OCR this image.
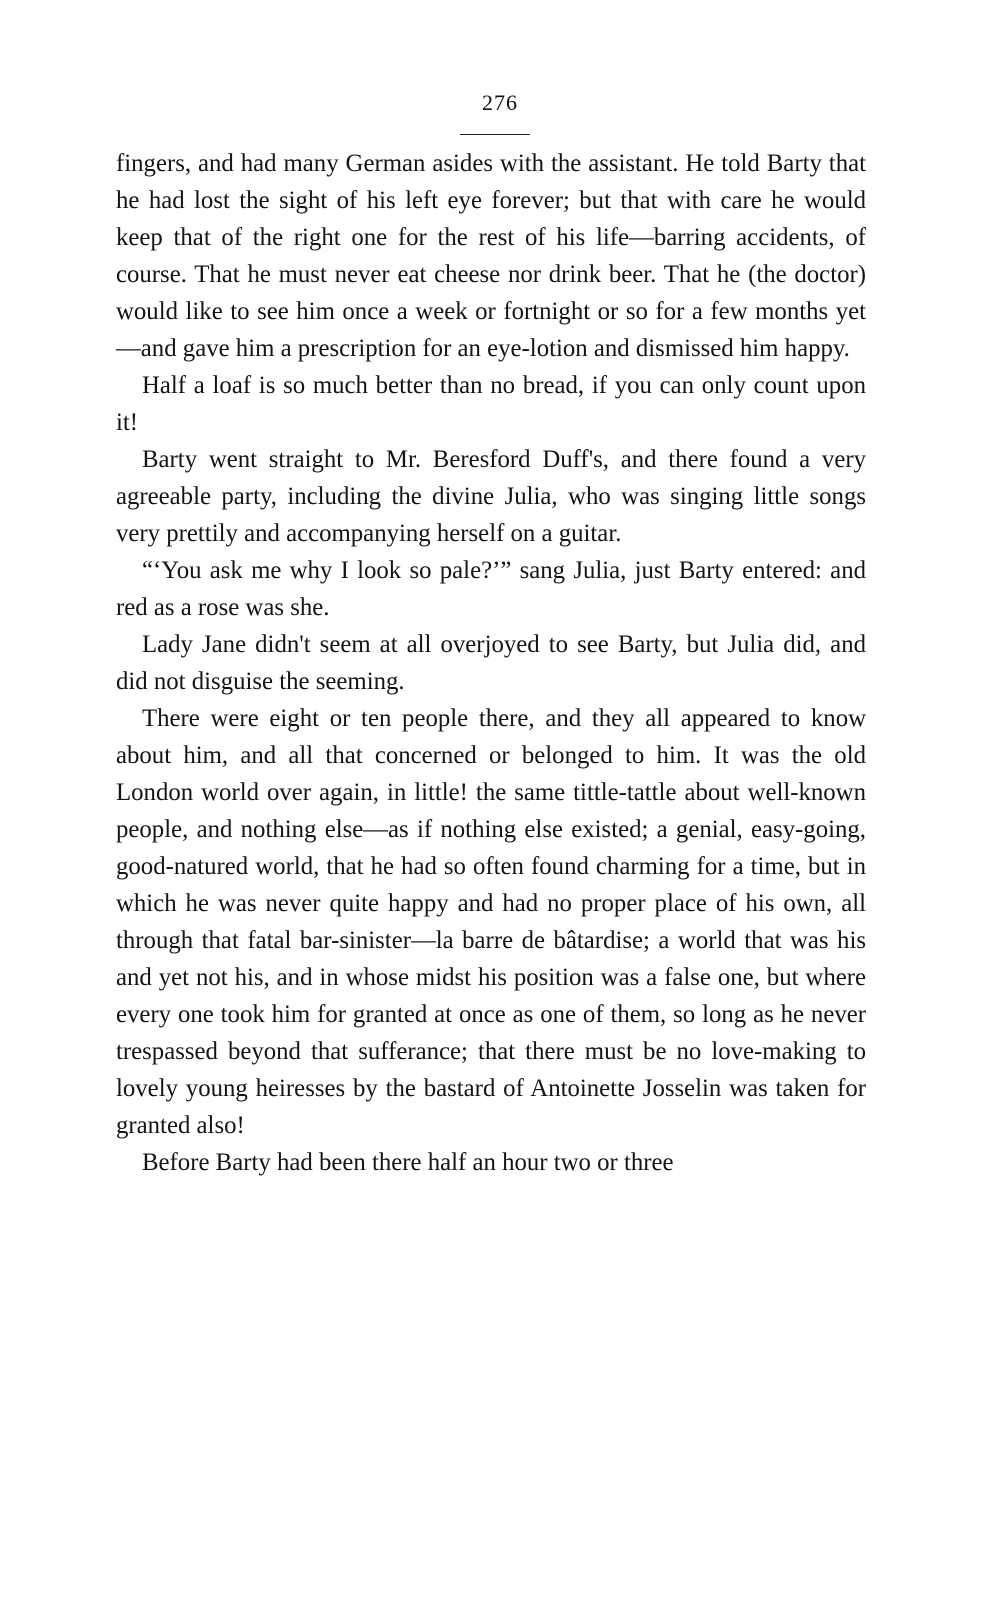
276

fingers, and had many German asides with the assistant. He told Barty that he had lost the sight of his left eye forever; but that with care he would keep that of the right one for the rest of his life—barring accidents, of course. That he must never eat cheese nor drink beer. That he (the doctor) would like to see him once a week or fortnight or so for a few months yet—and gave him a prescription for an eye-lotion and dismissed him happy.

Half a loaf is so much better than no bread, if you can only count upon it!

Barty went straight to Mr. Beresford Duff's, and there found a very agreeable party, including the divine Julia, who was singing little songs very prettily and accompanying herself on a guitar.

“‘You ask me why I look so pale?’” sang Julia, just Barty entered: and red as a rose was she.

Lady Jane didn't seem at all overjoyed to see Barty, but Julia did, and did not disguise the seeming.

There were eight or ten people there, and they all appeared to know about him, and all that concerned or belonged to him. It was the old London world over again, in little! the same tittle-tattle about well-known people, and nothing else—as if nothing else existed; a genial, easy-going, good-natured world, that he had so often found charming for a time, but in which he was never quite happy and had no proper place of his own, all through that fatal bar-sinister—la barre de bâtardise; a world that was his and yet not his, and in whose midst his position was a false one, but where every one took him for granted at once as one of them, so long as he never trespassed beyond that sufferance; that there must be no love-making to lovely young heiresses by the bastard of Antoinette Josselin was taken for granted also!

Before Barty had been there half an hour two or three
